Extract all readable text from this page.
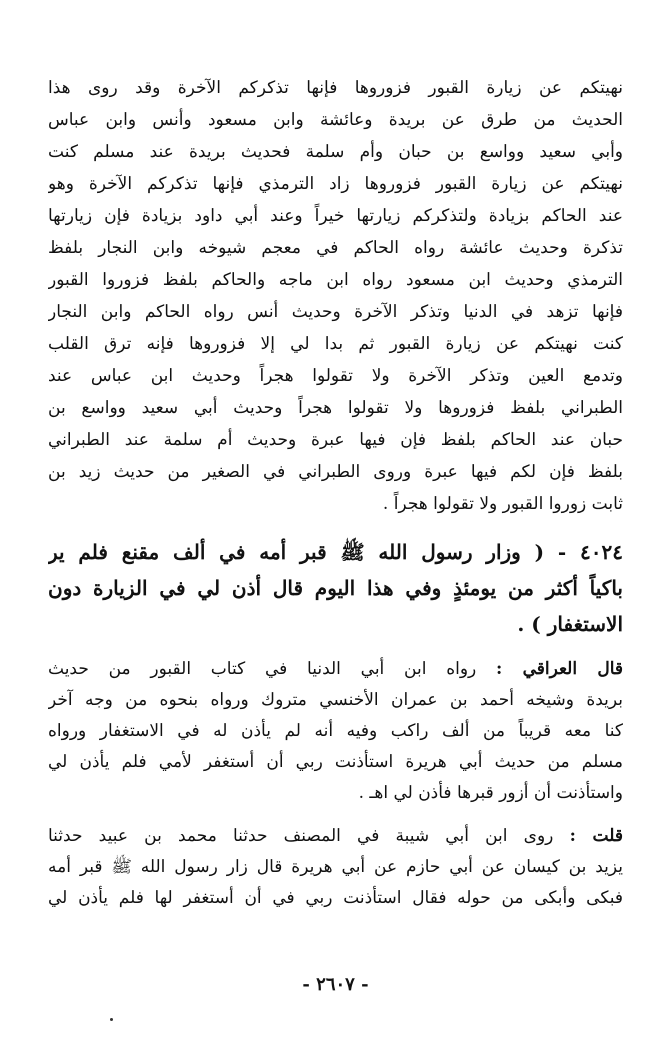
نهيتكم عن زيارة القبور فزوروها فإنها تذكركم الآخرة وقد روى هذا
الحديث من طرق عن بريدة وعائشة وابن مسعود وأنس وابن عباس
وأبي سعيد وواسع بن حبان وأم سلمة فحديث بريدة عند مسلم كنت
نهيتكم عن زيارة القبور فزوروها زاد الترمذي فإنها تذكركم الآخرة وهو
عند الحاكم بزيادة ولتذكركم زيارتها خيراً وعند أبي داود بزيادة فإن زيارتها
تذكرة وحديث عائشة رواه الحاكم في معجم شيوخه وابن النجار بلفظ
الترمذي وحديث ابن مسعود رواه ابن ماجه والحاكم بلفظ فزوروا القبور
فإنها تزهد في الدنيا وتذكر الآخرة وحديث أنس رواه الحاكم وابن النجار
كنت نهيتكم عن زيارة القبور ثم بدا لي إلا فزوروها فإنه ترق القلب
وتدمع العين وتذكر الآخرة ولا تقولوا هجراً وحديث ابن عباس عند
الطبراني بلفظ فزوروها ولا تقولوا هجراً وحديث أبي سعيد وواسع بن
حبان عند الحاكم بلفظ فإن فيها عبرة وحديث أم سلمة عند الطبراني
بلفظ فإن لكم فيها عبرة وروى الطبراني في الصغير من حديث زيد بن
ثابت زوروا القبور ولا تقولوا هجراً .
٤٠٢٤ - ( وزار رسول الله ﷺ قبر أمه في ألف مقنع فلم ير
باكياً أكثر من يومئذٍ وفي هذا اليوم قال أذن لي في الزيارة دون
الاستغفار ) .
قال العراقي : رواه ابن أبي الدنيا في كتاب القبور من حديث
بريدة وشيخه أحمد بن عمران الأخنسي متروك ورواه بنحوه من وجه آخر
كنا معه قريباً من ألف راكب وفيه أنه لم يأذن له في الاستغفار ورواه
مسلم من حديث أبي هريرة استأذنت ربي أن أستغفر لأمي فلم يأذن لي
واستأذنت أن أزور قبرها فأذن لي اهـ .
قلت : روى ابن أبي شيبة في المصنف حدثنا محمد بن عبيد حدثنا
يزيد بن كيسان عن أبي حازم عن أبي هريرة قال زار رسول الله ﷺ قبر أمه
فبكى وأبكى من حوله فقال استأذنت ربي في أن أستغفر لها فلم يأذن لي
- ٢٦٠٧ -
